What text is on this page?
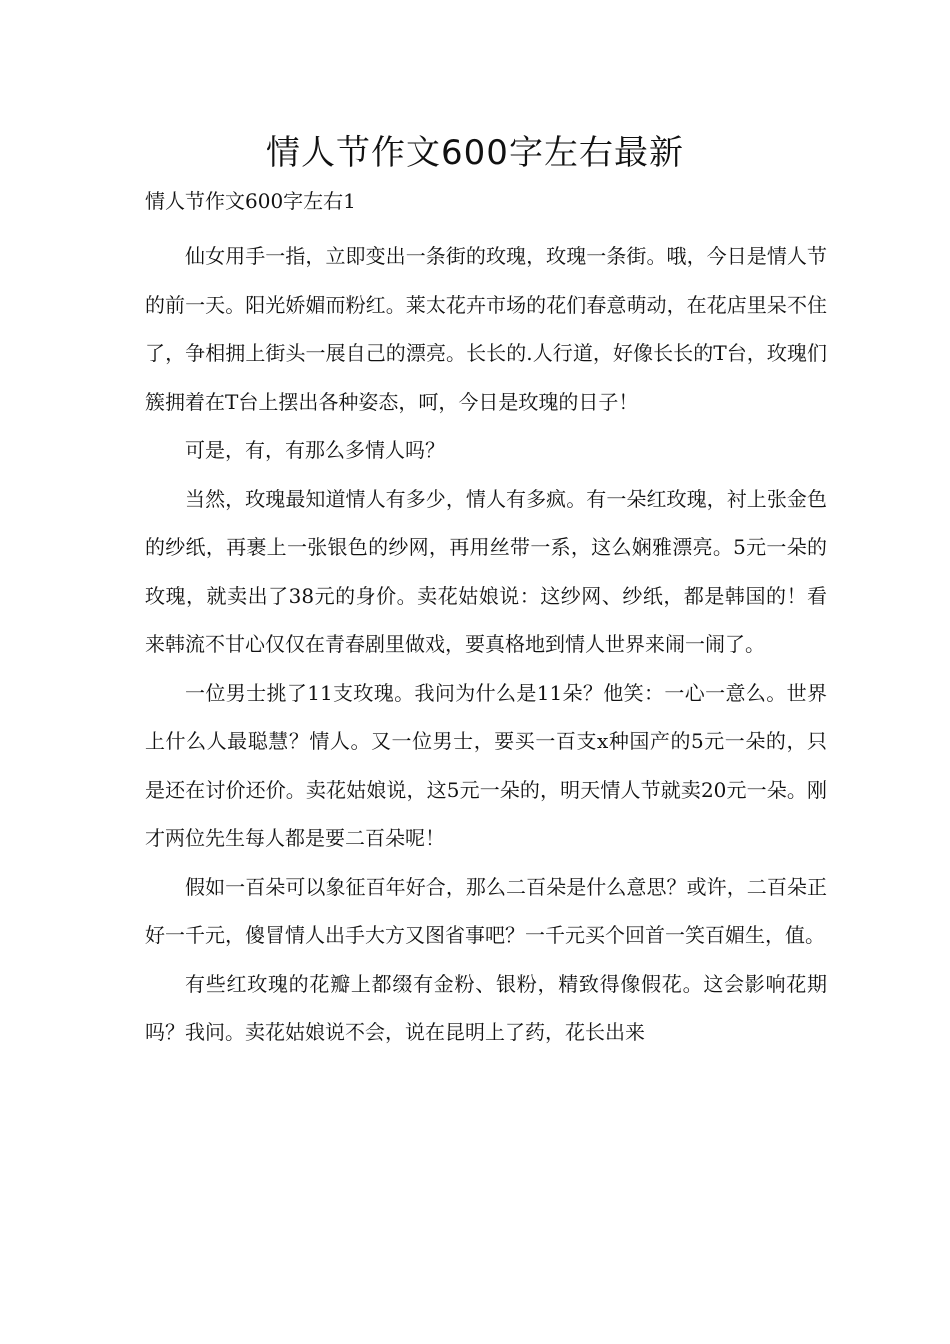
情人节作文600字左右最新
情人节作文600字左右1

仙女用手一指，立即变出一条街的玫瑰，玫瑰一条街。哦，今日是情人节的前一天。阳光娇媚而粉红。莱太花卉市场的花们春意萌动，在花店里呆不住了，争相拥上街头一展自己的漂亮。长长的.人行道，好像长长的T台，玫瑰们簇拥着在T台上摆出各种姿态，呵，今日是玫瑰的日子！

可是，有，有那么多情人吗？

当然，玫瑰最知道情人有多少，情人有多疯。有一朵红玫瑰，衬上张金色的纱纸，再裹上一张银色的纱网，再用丝带一系，这么娴雅漂亮。5元一朵的玫瑰，就卖出了38元的身价。卖花姑娘说：这纱网、纱纸，都是韩国的！看来韩流不甘心仅仅在青春剧里做戏，要真格地到情人世界来闹一闹了。

一位男士挑了11支玫瑰。我问为什么是11朵？他笑：一心一意么。世界上什么人最聪慧？情人。又一位男士，要买一百支x种国产的5元一朵的，只是还在讨价还价。卖花姑娘说，这5元一朵的，明天情人节就卖20元一朵。刚才两位先生每人都是要二百朵呢！

假如一百朵可以象征百年好合，那么二百朵是什么意思？或许，二百朵正好一千元，傻冒情人出手大方又图省事吧？一千元买个回首一笑百媚生，值。

有些红玫瑰的花瓣上都缀有金粉、银粉，精致得像假花。这会影响花期吗？我问。卖花姑娘说不会，说在昆明上了药，花长出来
